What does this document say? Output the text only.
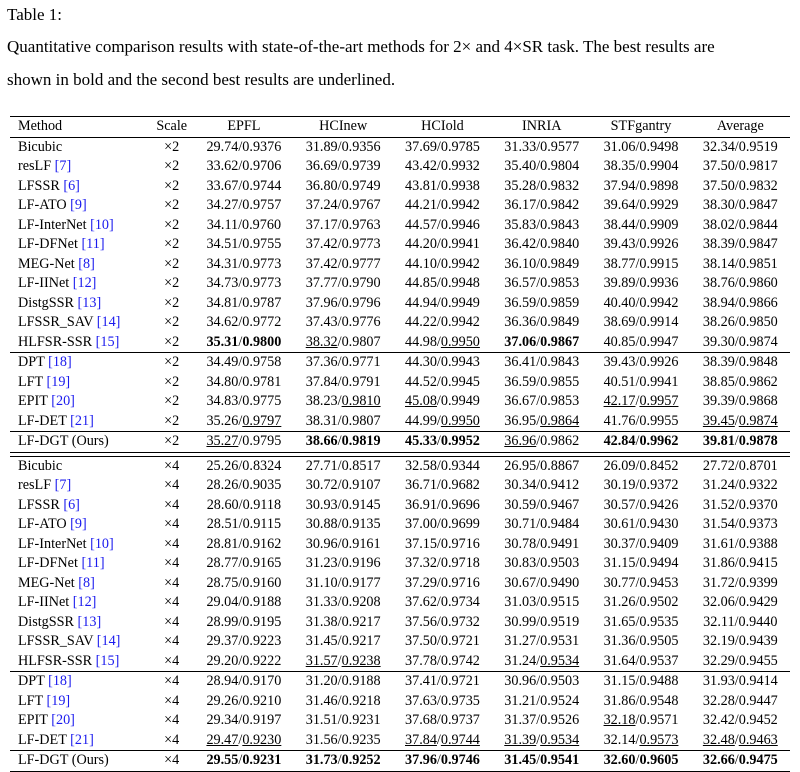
Table 1:
Quantitative comparison results with state-of-the-art methods for 2× and 4×SR task. The best results are
shown in bold and the second best results are underlined.
Method	Scale	EPFL	HCInew	HCIold	INRIA	STFgantry	Average
Bicubic	×2	29.74/0.9376	31.89/0.9356	37.69/0.9785	31.33/0.9577	31.06/0.9498	32.34/0.9519
resLF [7]	×2	33.62/0.9706	36.69/0.9739	43.42/0.9932	35.40/0.9804	38.35/0.9904	37.50/0.9817
LFSSR [6]	×2	33.67/0.9744	36.80/0.9749	43.81/0.9938	35.28/0.9832	37.94/0.9898	37.50/0.9832
LF-ATO [9]	×2	34.27/0.9757	37.24/0.9767	44.21/0.9942	36.17/0.9842	39.64/0.9929	38.30/0.9847
LF-InterNet [10]	×2	34.11/0.9760	37.17/0.9763	44.57/0.9946	35.83/0.9843	38.44/0.9909	38.02/0.9844
LF-DFNet [11]	×2	34.51/0.9755	37.42/0.9773	44.20/0.9941	36.42/0.9840	39.43/0.9926	38.39/0.9847
MEG-Net [8]	×2	34.31/0.9773	37.42/0.9777	44.10/0.9942	36.10/0.9849	38.77/0.9915	38.14/0.9851
LF-IINet [12]	×2	34.73/0.9773	37.77/0.9790	44.85/0.9948	36.57/0.9853	39.89/0.9936	38.76/0.9860
DistgSSR [13]	×2	34.81/0.9787	37.96/0.9796	44.94/0.9949	36.59/0.9859	40.40/0.9942	38.94/0.9866
LFSSR_SAV [14]	×2	34.62/0.9772	37.43/0.9776	44.22/0.9942	36.36/0.9849	38.69/0.9914	38.26/0.9850
HLFSR-SSR [15]	×2	35.31/0.9800	38.32/0.9807	44.98/0.9950	37.06/0.9867	40.85/0.9947	39.30/0.9874
DPT [18]	×2	34.49/0.9758	37.36/0.9771	44.30/0.9943	36.41/0.9843	39.43/0.9926	38.39/0.9848
LFT [19]	×2	34.80/0.9781	37.84/0.9791	44.52/0.9945	36.59/0.9855	40.51/0.9941	38.85/0.9862
EPIT [20]	×2	34.83/0.9775	38.23/0.9810	45.08/0.9949	36.67/0.9853	42.17/0.9957	39.39/0.9868
LF-DET [21]	×2	35.26/0.9797	38.31/0.9807	44.99/0.9950	36.95/0.9864	41.76/0.9955	39.45/0.9874
LF-DGT (Ours)	×2	35.27/0.9795	38.66/0.9819	45.33/0.9952	36.96/0.9862	42.84/0.9962	39.81/0.9878

Bicubic	×4	25.26/0.8324	27.71/0.8517	32.58/0.9344	26.95/0.8867	26.09/0.8452	27.72/0.8701
resLF [7]	×4	28.26/0.9035	30.72/0.9107	36.71/0.9682	30.34/0.9412	30.19/0.9372	31.24/0.9322
LFSSR [6]	×4	28.60/0.9118	30.93/0.9145	36.91/0.9696	30.59/0.9467	30.57/0.9426	31.52/0.9370
LF-ATO [9]	×4	28.51/0.9115	30.88/0.9135	37.00/0.9699	30.71/0.9484	30.61/0.9430	31.54/0.9373
LF-InterNet [10]	×4	28.81/0.9162	30.96/0.9161	37.15/0.9716	30.78/0.9491	30.37/0.9409	31.61/0.9388
LF-DFNet [11]	×4	28.77/0.9165	31.23/0.9196	37.32/0.9718	30.83/0.9503	31.15/0.9494	31.86/0.9415
MEG-Net [8]	×4	28.75/0.9160	31.10/0.9177	37.29/0.9716	30.67/0.9490	30.77/0.9453	31.72/0.9399
LF-IINet [12]	×4	29.04/0.9188	31.33/0.9208	37.62/0.9734	31.03/0.9515	31.26/0.9502	32.06/0.9429
DistgSSR [13]	×4	28.99/0.9195	31.38/0.9217	37.56/0.9732	30.99/0.9519	31.65/0.9535	32.11/0.9440
LFSSR_SAV [14]	×4	29.37/0.9223	31.45/0.9217	37.50/0.9721	31.27/0.9531	31.36/0.9505	32.19/0.9439
HLFSR-SSR [15]	×4	29.20/0.9222	31.57/0.9238	37.78/0.9742	31.24/0.9534	31.64/0.9537	32.29/0.9455
DPT [18]	×4	28.94/0.9170	31.20/0.9188	37.41/0.9721	30.96/0.9503	31.15/0.9488	31.93/0.9414
LFT [19]	×4	29.26/0.9210	31.46/0.9218	37.63/0.9735	31.21/0.9524	31.86/0.9548	32.28/0.9447
EPIT [20]	×4	29.34/0.9197	31.51/0.9231	37.68/0.9737	31.37/0.9526	32.18/0.9571	32.42/0.9452
LF-DET [21]	×4	29.47/0.9230	31.56/0.9235	37.84/0.9744	31.39/0.9534	32.14/0.9573	32.48/0.9463
LF-DGT (Ours)	×4	29.55/0.9231	31.73/0.9252	37.96/0.9746	31.45/0.9541	32.60/0.9605	32.66/0.9475
